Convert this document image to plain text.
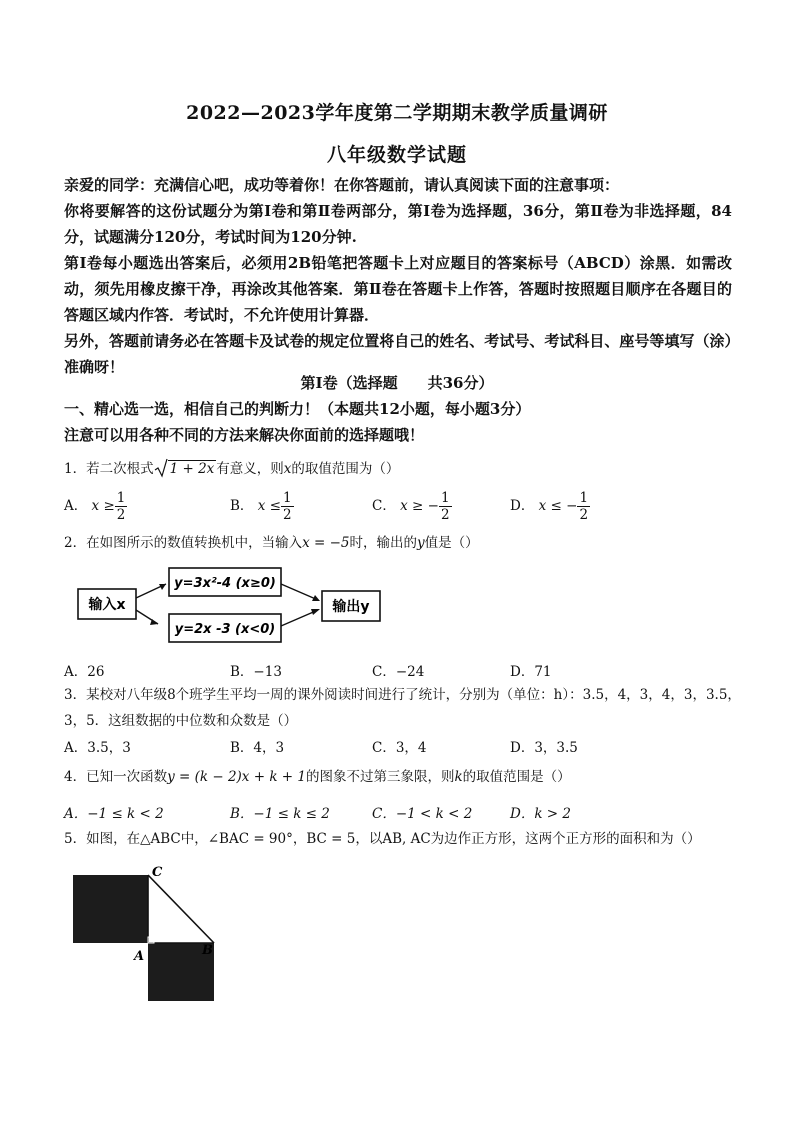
2022—2023学年度第二学期期末教学质量调研
八年级数学试题

亲爱的同学：充满信心吧，成功等着你！在你答题前，请认真阅读下面的注意事项：

你将要解答的这份试题分为第Ⅰ卷和第Ⅱ卷两部分，第Ⅰ卷为选择题，36分，第Ⅱ卷为非选择题，84分，试题满分120分，考试时间为120分钟.

第Ⅰ卷每小题选出答案后，必须用2B铅笔把答题卡上对应题目的答案标号（ABCD）涂黑．如需改动，须先用橡皮擦干净，再涂改其他答案．第Ⅱ卷在答题卡上作答，答题时按照题目顺序在各题目的答题区域内作答．考试时，不允许使用计算器．

另外，答题前请务必在答题卡及试卷的规定位置将自己的姓名、考试号、考试科目、座号等填写（涂）准确呀！

第Ⅰ卷（选择题　　共36分）
一、精心选一选，相信自己的判断力！（本题共12小题，每小题3分）
注意可以用各种不同的方法来解决你面前的选择题哦！
1．若二次根式 1 + 2x 有意义，则x的取值范围为（）
A． $x \ge \frac{1}{2}$	B． $x \le \frac{1}{2}$	C． x ≥ − $\frac{1}{2}$	D． x ≤ − $\frac{1}{2}$
2．在如图所示的数值转换机中，当输入x = −5时，输出的y值是（）
输入x
y=3x²-4 (x≥0)
y=2x -3 (x<0)
输出y
A．26	B．−13	C．−24	D．71
3．某校对八年级8个班学生平均一周的课外阅读时间进行了统计，分别为（单位：h）：3.5，4，3，4，3，3.5，3，5．这组数据的中位数和众数是（）
A．3.5，3	B．4，3	C．3，4	D．3，3.5
4．已知一次函数y = (k − 2)x + k + 1的图象不过第三象限，则k的取值范围是（）
A．−1 ≤ k < 2	B．−1 ≤ k ≤ 2	C．−1 < k < 2	D．k > 2
5．如图，在△ABC中，∠BAC = 90°，BC = 5，以AB, AC为边作正方形，这两个正方形的面积和为（）
C
B
A
